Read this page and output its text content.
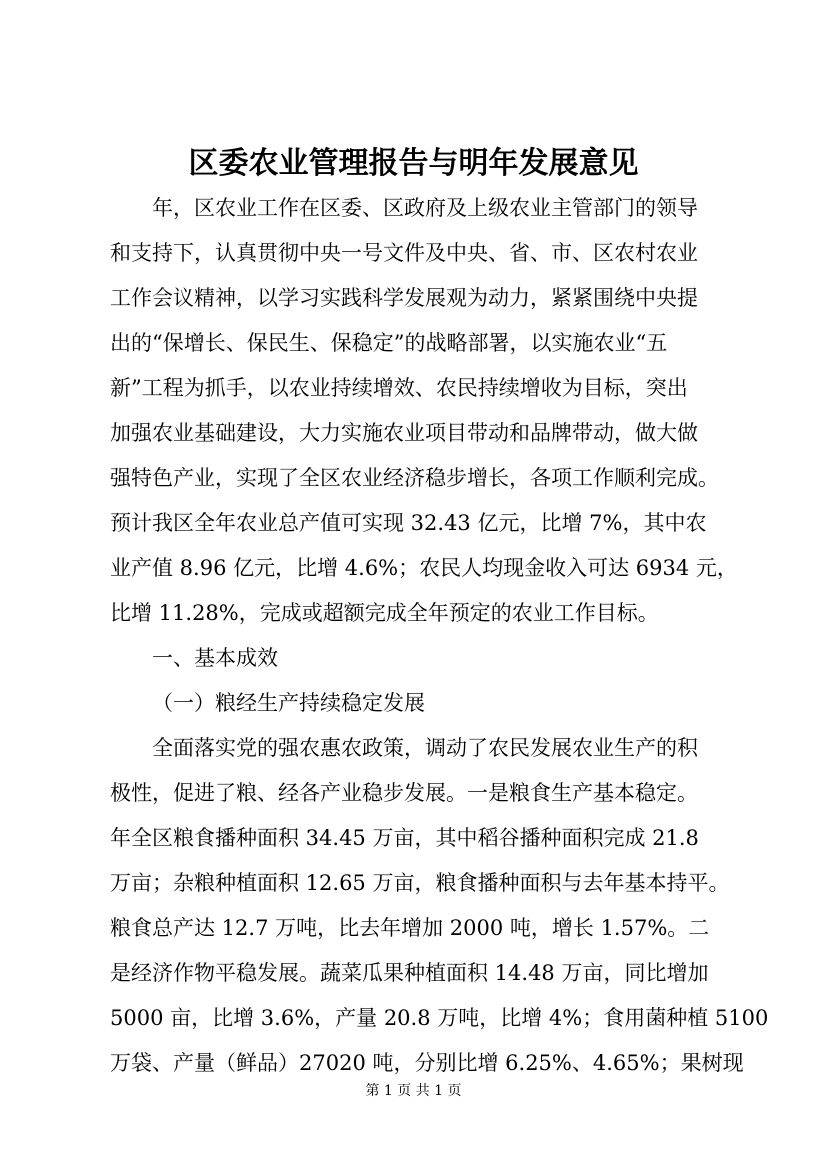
区委农业管理报告与明年发展意见
年，区农业工作在区委、区政府及上级农业主管部门的领导
和支持下，认真贯彻中央一号文件及中央、省、市、区农村农业
工作会议精神，以学习实践科学发展观为动力，紧紧围绕中央提
出的“保增长、保民生、保稳定”的战略部署，以实施农业“五
新”工程为抓手，以农业持续增效、农民持续增收为目标，突出
加强农业基础建设，大力实施农业项目带动和品牌带动，做大做
强特色产业，实现了全区农业经济稳步增长，各项工作顺利完成。
预计我区全年农业总产值可实现 32.43 亿元，比增 7%，其中农
业产值 8.96 亿元，比增 4.6%；农民人均现金收入可达 6934 元，
比增 11.28%，完成或超额完成全年预定的农业工作目标。
一、基本成效
（一）粮经生产持续稳定发展
全面落实党的强农惠农政策，调动了农民发展农业生产的积
极性，促进了粮、经各产业稳步发展。一是粮食生产基本稳定。
年全区粮食播种面积 34.45 万亩，其中稻谷播种面积完成 21.8
万亩；杂粮种植面积 12.65 万亩，粮食播种面积与去年基本持平。
粮食总产达 12.7 万吨，比去年增加 2000 吨，增长 1.57%。二
是经济作物平稳发展。蔬菜瓜果种植面积 14.48 万亩，同比增加
5000 亩，比增 3.6%，产量 20.8 万吨，比增 4%；食用菌种植 5100
万袋、产量（鲜品）27020 吨，分别比增 6.25%、4.65%；果树现
第 1 页 共 1 页
